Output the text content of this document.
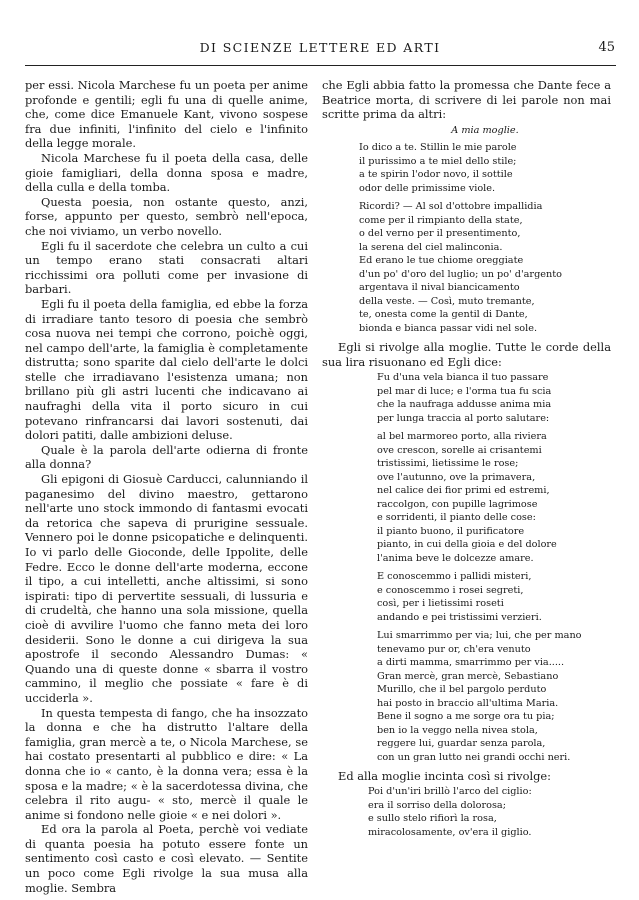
DI SCIENZE LETTERE ED ARTI	45

per essi. Nicola Marchese fu un poeta per anime profonde e gentili; egli fu una di quelle anime, che, come dice Emanuele Kant, vivono sospese fra due infiniti, l'infinito del cielo e l'infinito della legge morale.

Nicola Marchese fu il poeta della casa, delle gioie famigliari, della donna sposa e madre, della culla e della tomba.

Questa poesia, non ostante questo, anzi, forse, appunto per questo, sembrò nell'epoca, che noi viviamo, un verbo novello.

Egli fu il sacerdote che celebra un culto a cui un tempo erano stati consacrati altari ricchissimi ora polluti come per invasione di barbari.

Egli fu il poeta della famiglia, ed ebbe la forza di irradiare tanto tesoro di poesia che sembrò cosa nuova nei tempi che corrono, poichè oggi, nel campo dell'arte, la famiglia è completamente distrutta; sono sparite dal cielo dell'arte le dolci stelle che irradiavano l'esistenza umana; non brillano più gli astri lucenti che indicavano ai naufraghi della vita il porto sicuro in cui potevano rinfrancarsi dai lavori sostenuti, dai dolori patiti, dalle ambizioni deluse.

Quale è la parola dell'arte odierna di fronte alla donna?

Gli epigoni di Giosuè Carducci, calunniando il paganesimo del divino maestro, gettarono nell'arte uno stock immondo di fantasmi evocati da retorica che sapeva di prurigine sessuale. Vennero poi le donne psicopatiche e delinquenti. Io vi parlo delle Gioconde, delle Ippolite, delle Fedre. Ecco le donne dell'arte moderna, eccone il tipo, a cui intelletti, anche altissimi, si sono ispirati: tipo di pervertite sessuali, di lussuria e di crudeltà, che hanno una sola missione, quella cioè di avvilire l'uomo che fanno meta dei loro desiderii. Sono le donne a cui dirigeva la sua apostrofe il secondo Alessandro Dumas: « Quando una di queste donne « sbarra il vostro cammino, il meglio che possiate « fare è di ucciderla ».

In questa tempesta di fango, che ha insozzato la donna e che ha distrutto l'altare della famiglia, gran mercè a te, o Nicola Marchese, se hai costato presentarti al pubblico e dire: « La donna che io « canto, è la donna vera; essa è la sposa e la madre; « è la sacerdotessa divina, che celebra il rito augu- « sto, mercè il quale le anime si fondono nelle gioie « e nei dolori ».

Ed ora la parola al Poeta, perchè voi vediate di quanta poesia ha potuto essere fonte un sentimento così casto e così elevato. — Sentite un poco come Egli rivolge la sua musa alla moglie. Sembra

che Egli abbia fatto la promessa che Dante fece a Beatrice morta, di scrivere di lei parole non mai scritte prima da altri:

A mia moglie.
Io dico a te. Stillin le mie parole
il purissimo a te miel dello stile;
a te spirin l'odor novo, il sottile
odor delle primissime viole.
Ricordi? — Al sol d'ottobre impallidia
come per il rimpianto della state,
o del verno per il presentimento,
la serena del ciel malinconia.
Ed erano le tue chiome oreggiate
d'un po' d'oro del luglio; un po' d'argento
argentava il nival biancicamento
della veste. — Così, muto tremante,
te, onesta come la gentil di Dante,
bionda e bianca passar vidi nel sole.

Egli si rivolge alla moglie. Tutte le corde della sua lira risuonano ed Egli dice:

Fu d'una vela bianca il tuo passare
pel mar di luce; e l'orma tua fu scia
che la naufraga addusse anima mia
per lunga traccia al porto salutare:
al bel marmoreo porto, alla riviera
ove crescon, sorelle ai crisantemi
tristissimi, lietissime le rose;
ove l'autunno, ove la primavera,
nel calice dei fior primi ed estremi,
raccolgon, con pupille lagrimose
e sorridenti, il pianto delle cose:
il pianto buono, il purificatore
pianto, in cui della gioia e del dolore
l'anima beve le dolcezze amare.
E conoscemmo i pallidi misteri,
e conoscemmo i rosei segreti,
così, per i lietissimi roseti
andando e pei tristissimi verzieri.
Lui smarrimmo per via; lui, che per mano
tenevamo pur or, ch'era venuto
a dirti mamma, smarrimmo per via.....
Gran mercè, gran mercè, Sebastiano
Murillo, che il bel pargolo perduto
hai posto in braccio all'ultima Maria.
Bene il sogno a me sorge ora tu pia;
ben io la veggo nella nivea stola,
reggere lui, guardar senza parola,
con un gran lutto nei grandi occhi neri.

Ed alla moglie incinta così si rivolge:

Poi d'un'iri brillò l'arco del ciglio:
era il sorriso della dolorosa;
e sullo stelo rifiorì la rosa,
miracolosamente, ov'era il giglio.
